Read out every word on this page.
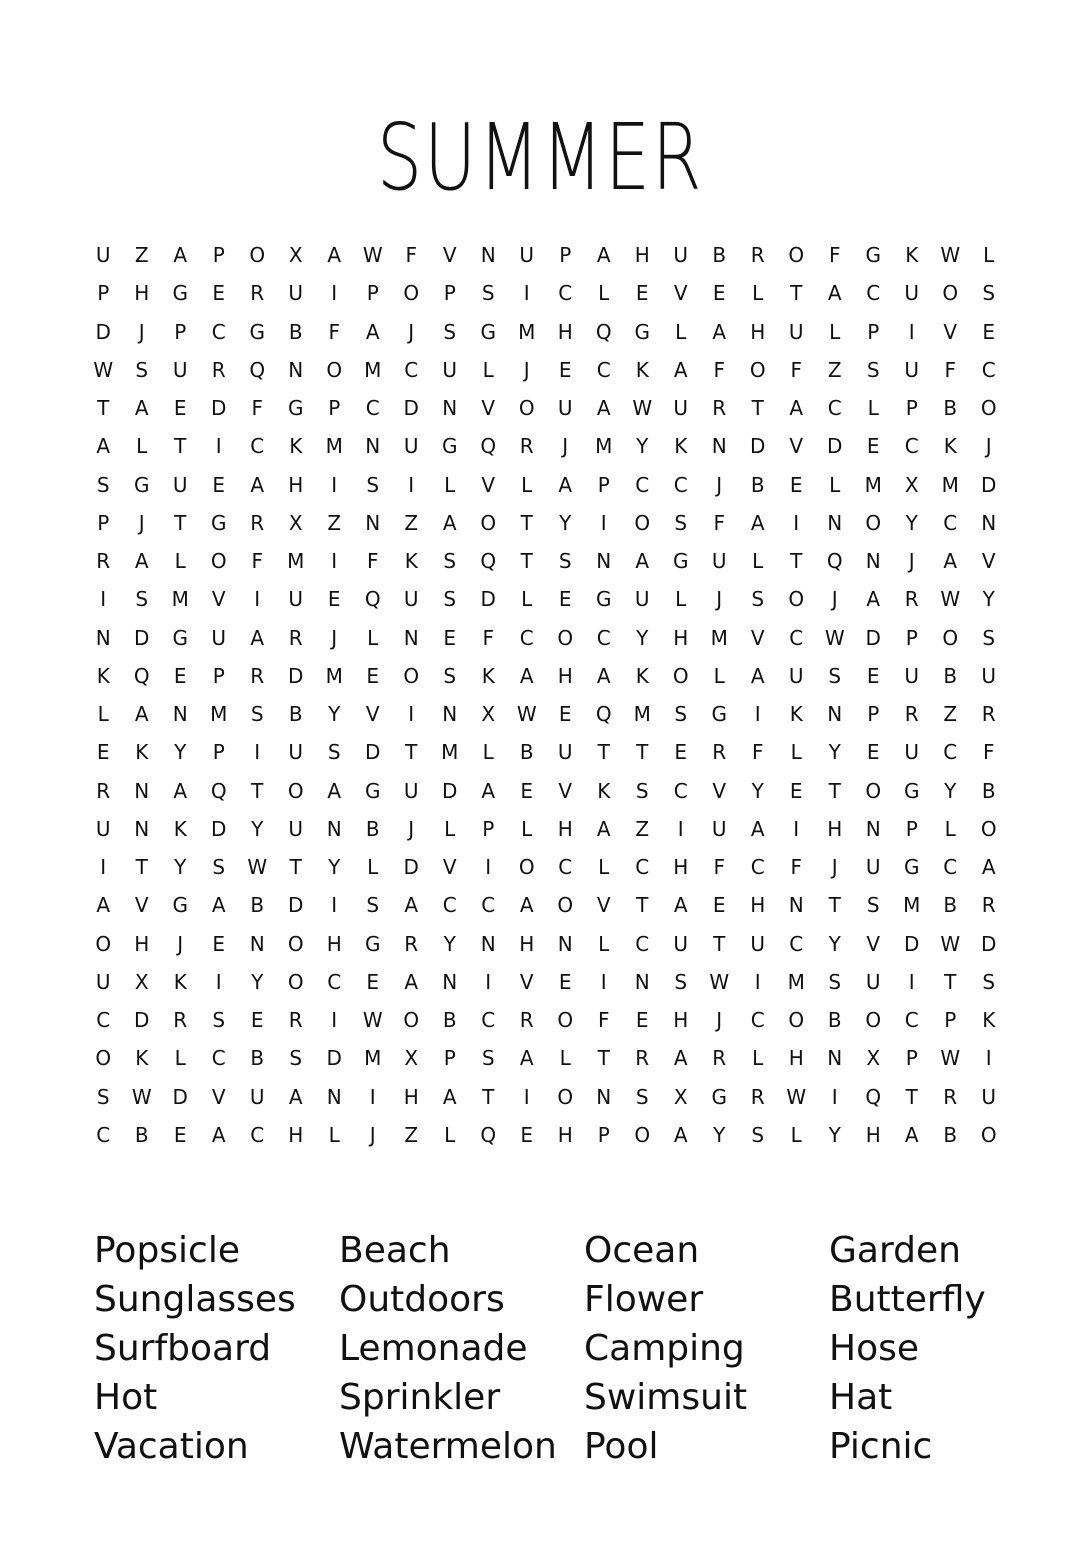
SUMMER
U	Z	A	P	O	X	A	W	F	V	N	U	P	A	H	U	B	R	O	F	G	K	W	L
P	H	G	E	R	U	I	P	O	P	S	I	C	L	E	V	E	L	T	A	C	U	O	S
D	J	P	C	G	B	F	A	J	S	G	M	H	Q	G	L	A	H	U	L	P	I	V	E
W	S	U	R	Q	N	O	M	C	U	L	J	E	C	K	A	F	O	F	Z	S	U	F	C
T	A	E	D	F	G	P	C	D	N	V	O	U	A	W	U	R	T	A	C	L	P	B	O
A	L	T	I	C	K	M	N	U	G	Q	R	J	M	Y	K	N	D	V	D	E	C	K	J
S	G	U	E	A	H	I	S	I	L	V	L	A	P	C	C	J	B	E	L	M	X	M	D
P	J	T	G	R	X	Z	N	Z	A	O	T	Y	I	O	S	F	A	I	N	O	Y	C	N
R	A	L	O	F	M	I	F	K	S	Q	T	S	N	A	G	U	L	T	Q	N	J	A	V
I	S	M	V	I	U	E	Q	U	S	D	L	E	G	U	L	J	S	O	J	A	R	W	Y
N	D	G	U	A	R	J	L	N	E	F	C	O	C	Y	H	M	V	C	W	D	P	O	S
K	Q	E	P	R	D	M	E	O	S	K	A	H	A	K	O	L	A	U	S	E	U	B	U
L	A	N	M	S	B	Y	V	I	N	X	W	E	Q	M	S	G	I	K	N	P	R	Z	R
E	K	Y	P	I	U	S	D	T	M	L	B	U	T	T	E	R	F	L	Y	E	U	C	F
R	N	A	Q	T	O	A	G	U	D	A	E	V	K	S	C	V	Y	E	T	O	G	Y	B
U	N	K	D	Y	U	N	B	J	L	P	L	H	A	Z	I	U	A	I	H	N	P	L	O
I	T	Y	S	W	T	Y	L	D	V	I	O	C	L	C	H	F	C	F	J	U	G	C	A
A	V	G	A	B	D	I	S	A	C	C	A	O	V	T	A	E	H	N	T	S	M	B	R
O	H	J	E	N	O	H	G	R	Y	N	H	N	L	C	U	T	U	C	Y	V	D	W	D
U	X	K	I	Y	O	C	E	A	N	I	V	E	I	N	S	W	I	M	S	U	I	T	S
C	D	R	S	E	R	I	W	O	B	C	R	O	F	E	H	J	C	O	B	O	C	P	K
O	K	L	C	B	S	D	M	X	P	S	A	L	T	R	A	R	L	H	N	X	P	W	I
S	W	D	V	U	A	N	I	H	A	T	I	O	N	S	X	G	R	W	I	Q	T	R	U
C	B	E	A	C	H	L	J	Z	L	Q	E	H	P	O	A	Y	S	L	Y	H	A	B	O
Popsicle
Sunglasses
Surfboard
Hot
Vacation
Beach
Outdoors
Lemonade
Sprinkler
Watermelon
Ocean
Flower
Camping
Swimsuit
Pool
Garden
Butterfly
Hose
Hat
Picnic
